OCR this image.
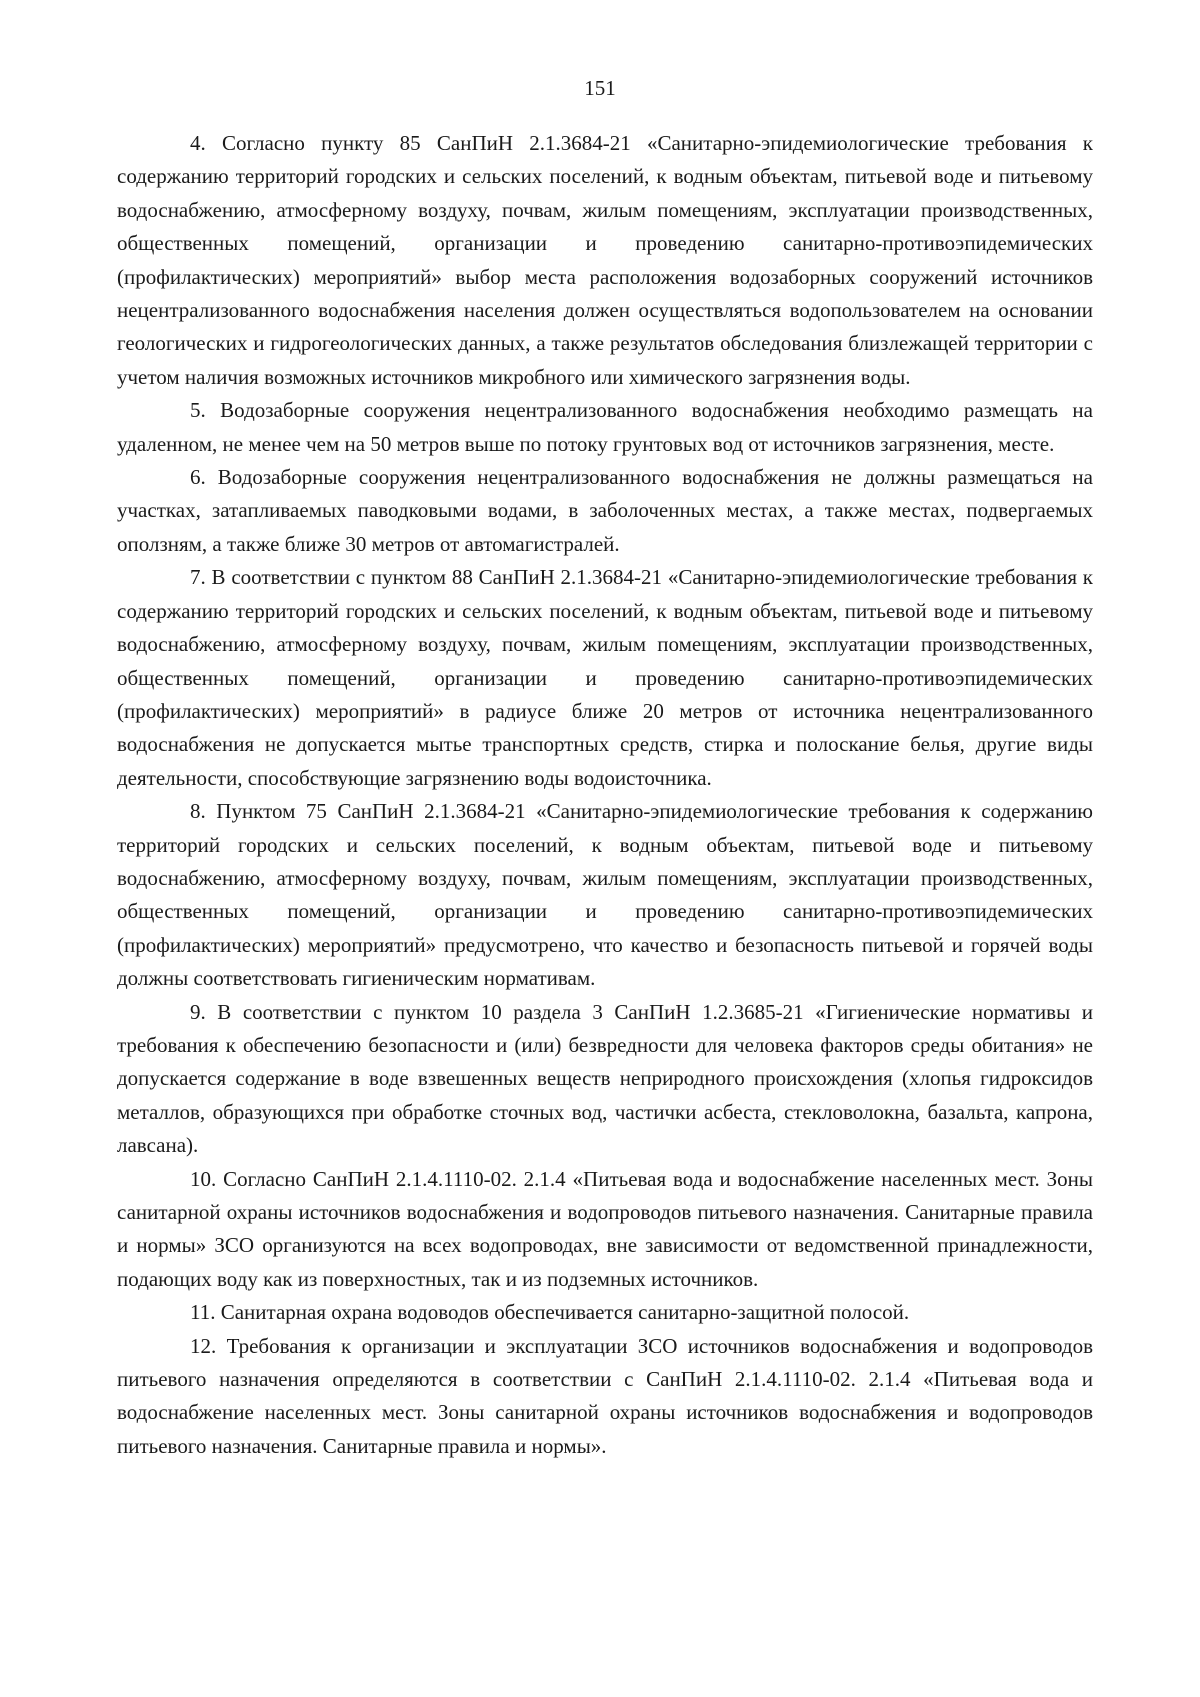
151

4. Согласно пункту 85 СанПиН 2.1.3684-21 «Санитарно-эпидемиологические требования к содержанию территорий городских и сельских поселений, к водным объектам, питьевой воде и питьевому водоснабжению, атмосферному воздуху, почвам, жилым помещениям, эксплуатации производственных, общественных помещений, организации и проведению санитарно-противоэпидемических (профилактических) мероприятий» выбор места расположения водозаборных сооружений источников нецентрализованного водоснабжения населения должен осуществляться водопользователем на основании геологических и гидрогеологических данных, а также результатов обследования близлежащей территории с учетом наличия возможных источников микробного или химического загрязнения воды.

5. Водозаборные сооружения нецентрализованного водоснабжения необходимо размещать на удаленном, не менее чем на 50 метров выше по потоку грунтовых вод от источников загрязнения, месте.

6. Водозаборные сооружения нецентрализованного водоснабжения не должны размещаться на участках, затапливаемых паводковыми водами, в заболоченных местах, а также местах, подвергаемых оползням, а также ближе 30 метров от автомагистралей.

7. В соответствии с пунктом 88 СанПиН 2.1.3684-21 «Санитарно-эпидемиологические требования к содержанию территорий городских и сельских поселений, к водным объектам, питьевой воде и питьевому водоснабжению, атмосферному воздуху, почвам, жилым помещениям, эксплуатации производственных, общественных помещений, организации и проведению санитарно-противоэпидемических (профилактических) мероприятий» в радиусе ближе 20 метров от источника нецентрализованного водоснабжения не допускается мытье транспортных средств, стирка и полоскание белья, другие виды деятельности, способствующие загрязнению воды водоисточника.

8. Пунктом 75 СанПиН 2.1.3684-21 «Санитарно-эпидемиологические требования к содержанию территорий городских и сельских поселений, к водным объектам, питьевой воде и питьевому водоснабжению, атмосферному воздуху, почвам, жилым помещениям, эксплуатации производственных, общественных помещений, организации и проведению санитарно-противоэпидемических (профилактических) мероприятий» предусмотрено, что качество и безопасность питьевой и горячей воды должны соответствовать гигиеническим нормативам.

9. В соответствии с пунктом 10 раздела 3 СанПиН 1.2.3685-21 «Гигиенические нормативы и требования к обеспечению безопасности и (или) безвредности для человека факторов среды обитания» не допускается содержание в воде взвешенных веществ неприродного происхождения (хлопья гидроксидов металлов, образующихся при обработке сточных вод, частички асбеста, стекловолокна, базальта, капрона, лавсана).

10. Согласно СанПиН 2.1.4.1110-02. 2.1.4 «Питьевая вода и водоснабжение населенных мест. Зоны санитарной охраны источников водоснабжения и водопроводов питьевого назначения. Санитарные правила и нормы» ЗСО организуются на всех водопроводах, вне зависимости от ведомственной принадлежности, подающих воду как из поверхностных, так и из подземных источников.

11. Санитарная охрана водоводов обеспечивается санитарно-защитной полосой.

12. Требования к организации и эксплуатации ЗСО источников водоснабжения и водопроводов питьевого назначения определяются в соответствии с СанПиН 2.1.4.1110-02. 2.1.4 «Питьевая вода и водоснабжение населенных мест. Зоны санитарной охраны источников водоснабжения и водопроводов питьевого назначения. Санитарные правила и нормы».
